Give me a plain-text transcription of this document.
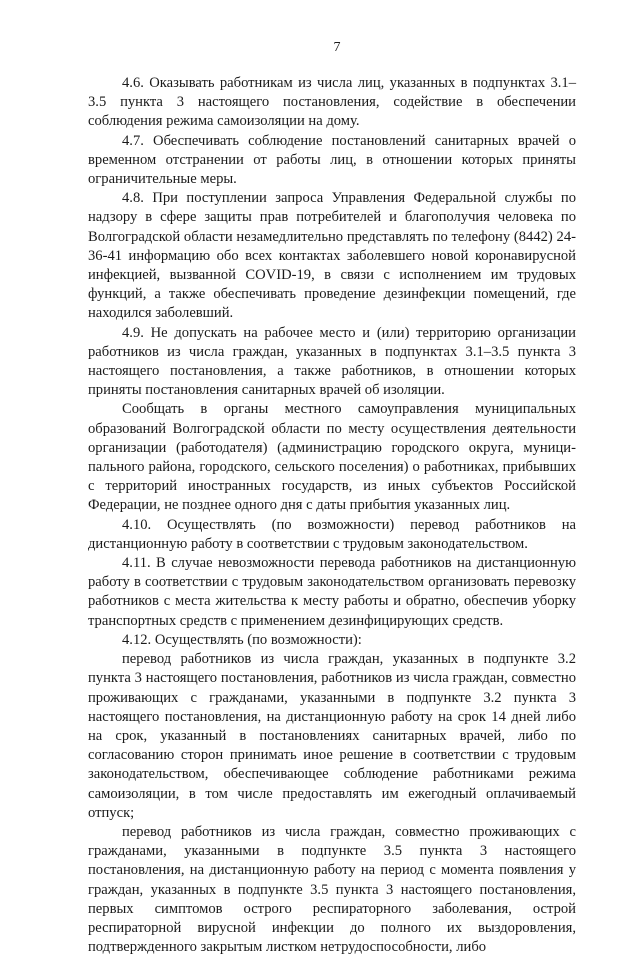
7

4.6. Оказывать работникам из числа лиц, указанных в подпунктах 3.1–3.5 пункта 3 настоящего постановления, содействие в обеспечении соблюдения режима самоизоляции на дому.

4.7. Обеспечивать соблюдение постановлений санитарных врачей о временном отстранении от работы лиц, в отношении которых приняты ограничительные меры.

4.8. При поступлении запроса Управления Федеральной службы по надзору в сфере защиты прав потребителей и благополучия человека по Волгоградской области незамедлительно представлять по телефону (8442) 24-36-41 информацию обо всех контактах заболевшего новой коронавирусной инфекцией, вызванной COVID-19, в связи с исполнением им трудовых функций, а также обеспечивать проведение дезинфекции помещений, где находился заболевший.

4.9. Не допускать на рабочее место и (или) территорию организации работников из числа граждан, указанных в подпунктах 3.1–3.5 пункта 3 настоящего постановления, а также работников, в отношении которых приняты постановления санитарных врачей об изоляции.

Сообщать в органы местного самоуправления муниципальных образований Волгоградской области по месту осуществления деятельности организации (работодателя) (администрацию городского округа, муниципального района, городского, сельского поселения) о работниках, прибывших с территорий иностранных государств, из иных субъектов Российской Федерации, не позднее одного дня с даты прибытия указанных лиц.

4.10. Осуществлять (по возможности) перевод работников на дистанционную работу в соответствии с трудовым законодательством.

4.11. В случае невозможности перевода работников на дистанционную работу в соответствии с трудовым законодательством организовать перевозку работников с места жительства к месту работы и обратно, обеспечив уборку транспортных средств с применением дезинфицирующих средств.

4.12. Осуществлять (по возможности):

перевод работников из числа граждан, указанных в подпункте 3.2 пункта 3 настоящего постановления, работников из числа граждан, совместно проживающих с гражданами, указанными в подпункте 3.2 пункта 3 настоящего постановления, на дистанционную работу на срок 14 дней либо на срок, указанный в постановлениях санитарных врачей, либо по согласованию сторон принимать иное решение в соответствии с трудовым законодательством, обеспечивающее соблюдение работниками режима самоизоляции, в том числе предоставлять им ежегодный оплачиваемый отпуск;

перевод работников из числа граждан, совместно проживающих с гражданами, указанными в подпункте 3.5 пункта 3 настоящего постановления, на дистанционную работу на период с момента появления у граждан, указанных в подпункте 3.5 пункта 3 настоящего постановления, первых симптомов острого респираторного заболевания, острой респираторной вирусной инфекции до полного их выздоровления, подтвержденного закрытым листком нетрудоспособности, либо
